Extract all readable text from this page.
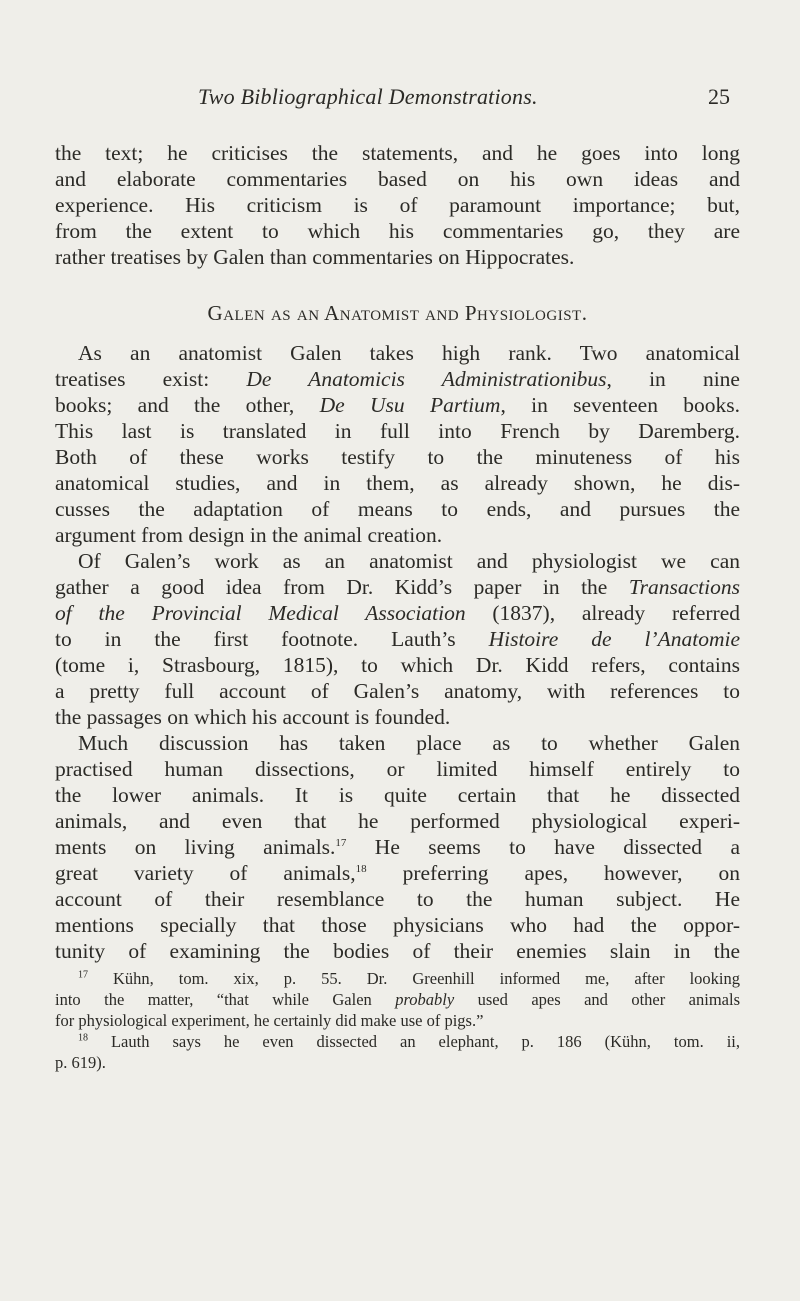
Two Bibliographical Demonstrations.	25
the text; he criticises the statements, and he goes into long
and elaborate commentaries based on his own ideas and
experience. His criticism is of paramount importance; but,
from the extent to which his commentaries go, they are
rather treatises by Galen than commentaries on Hippocrates.
Galen as an Anatomist and Physiologist.
As an anatomist Galen takes high rank. Two anatomical
treatises exist: De Anatomicis Administrationibus, in nine
books; and the other, De Usu Partium, in seventeen books.
This last is translated in full into French by Daremberg.
Both of these works testify to the minuteness of his
anatomical studies, and in them, as already shown, he dis-
cusses the adaptation of means to ends, and pursues the
argument from design in the animal creation.
Of Galen’s work as an anatomist and physiologist we can
gather a good idea from Dr. Kidd’s paper in the Transactions
of the Provincial Medical Association (1837), already referred
to in the first footnote. Lauth’s Histoire de l’Anatomie
(tome i, Strasbourg, 1815), to which Dr. Kidd refers, contains
a pretty full account of Galen’s anatomy, with references to
the passages on which his account is founded.
Much discussion has taken place as to whether Galen
practised human dissections, or limited himself entirely to
the lower animals. It is quite certain that he dissected
animals, and even that he performed physiological experi-
ments on living animals.$^{17}$ He seems to have dissected a
great variety of animals,$^{18}$ preferring apes, however, on
account of their resemblance to the human subject. He
mentions specially that those physicians who had the oppor-
tunity of examining the bodies of their enemies slain in the
$^{17}$ Kühn, tom. xix, p. 55. Dr. Greenhill informed me, after looking
into the matter, “that while Galen probably used apes and other animals
for physiological experiment, he certainly did make use of pigs.”
$^{18}$ Lauth says he even dissected an elephant, p. 186 (Kühn, tom. ii,
p. 619).
